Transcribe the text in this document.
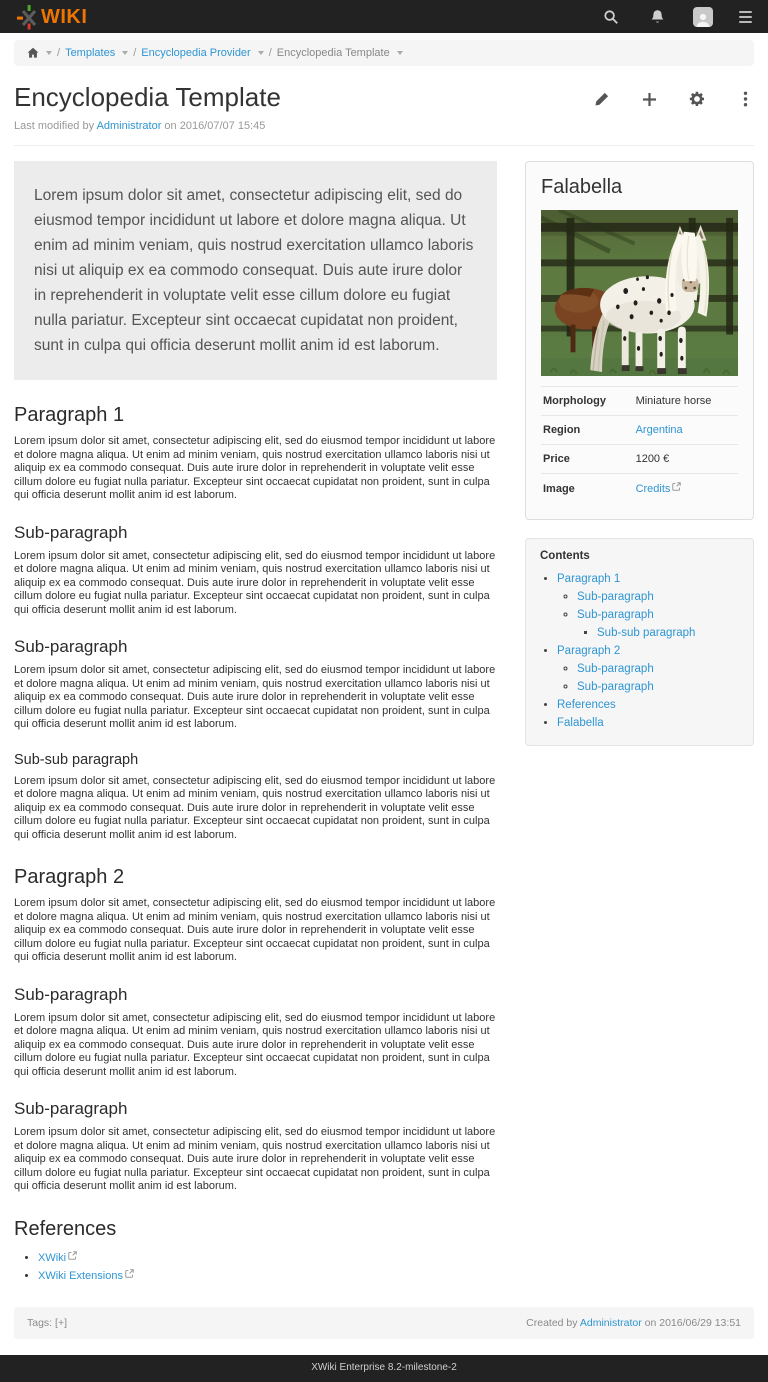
WIKI
/ Templates / Encyclopedia Provider / Encyclopedia Template
Encyclopedia Template
Last modified by Administrator on 2016/07/07 15:45
Lorem ipsum dolor sit amet, consectetur adipiscing elit, sed do eiusmod tempor incididunt ut labore et dolore magna aliqua. Ut enim ad minim veniam, quis nostrud exercitation ullamco laboris nisi ut aliquip ex ea commodo consequat. Duis aute irure dolor in reprehenderit in voluptate velit esse cillum dolore eu fugiat nulla pariatur. Excepteur sint occaecat cupidatat non proident, sunt in culpa qui officia deserunt mollit anim id est laborum.
Paragraph 1

Lorem ipsum dolor sit amet, consectetur adipiscing elit, sed do eiusmod tempor incididunt ut labore et dolore magna aliqua. Ut enim ad minim veniam, quis nostrud exercitation ullamco laboris nisi ut aliquip ex ea commodo consequat. Duis aute irure dolor in reprehenderit in voluptate velit esse cillum dolore eu fugiat nulla pariatur. Excepteur sint occaecat cupidatat non proident, sunt in culpa qui officia deserunt mollit anim id est laborum.

Sub-paragraph

Lorem ipsum dolor sit amet, consectetur adipiscing elit, sed do eiusmod tempor incididunt ut labore et dolore magna aliqua. Ut enim ad minim veniam, quis nostrud exercitation ullamco laboris nisi ut aliquip ex ea commodo consequat. Duis aute irure dolor in reprehenderit in voluptate velit esse cillum dolore eu fugiat nulla pariatur. Excepteur sint occaecat cupidatat non proident, sunt in culpa qui officia deserunt mollit anim id est laborum.

Sub-paragraph

Lorem ipsum dolor sit amet, consectetur adipiscing elit, sed do eiusmod tempor incididunt ut labore et dolore magna aliqua. Ut enim ad minim veniam, quis nostrud exercitation ullamco laboris nisi ut aliquip ex ea commodo consequat. Duis aute irure dolor in reprehenderit in voluptate velit esse cillum dolore eu fugiat nulla pariatur. Excepteur sint occaecat cupidatat non proident, sunt in culpa qui officia deserunt mollit anim id est laborum.

Sub-sub paragraph

Lorem ipsum dolor sit amet, consectetur adipiscing elit, sed do eiusmod tempor incididunt ut labore et dolore magna aliqua. Ut enim ad minim veniam, quis nostrud exercitation ullamco laboris nisi ut aliquip ex ea commodo consequat. Duis aute irure dolor in reprehenderit in voluptate velit esse cillum dolore eu fugiat nulla pariatur. Excepteur sint occaecat cupidatat non proident, sunt in culpa qui officia deserunt mollit anim id est laborum.

Paragraph 2

Lorem ipsum dolor sit amet, consectetur adipiscing elit, sed do eiusmod tempor incididunt ut labore et dolore magna aliqua. Ut enim ad minim veniam, quis nostrud exercitation ullamco laboris nisi ut aliquip ex ea commodo consequat. Duis aute irure dolor in reprehenderit in voluptate velit esse cillum dolore eu fugiat nulla pariatur. Excepteur sint occaecat cupidatat non proident, sunt in culpa qui officia deserunt mollit anim id est laborum.

Sub-paragraph

Lorem ipsum dolor sit amet, consectetur adipiscing elit, sed do eiusmod tempor incididunt ut labore et dolore magna aliqua. Ut enim ad minim veniam, quis nostrud exercitation ullamco laboris nisi ut aliquip ex ea commodo consequat. Duis aute irure dolor in reprehenderit in voluptate velit esse cillum dolore eu fugiat nulla pariatur. Excepteur sint occaecat cupidatat non proident, sunt in culpa qui officia deserunt mollit anim id est laborum.

Sub-paragraph

Lorem ipsum dolor sit amet, consectetur adipiscing elit, sed do eiusmod tempor incididunt ut labore et dolore magna aliqua. Ut enim ad minim veniam, quis nostrud exercitation ullamco laboris nisi ut aliquip ex ea commodo consequat. Duis aute irure dolor in reprehenderit in voluptate velit esse cillum dolore eu fugiat nulla pariatur. Excepteur sint occaecat cupidatat non proident, sunt in culpa qui officia deserunt mollit anim id est laborum.

References
• XWiki
• XWiki Extensions
Falabella
Morphology	Miniature horse
Region	Argentina
Price	1200 €
Image	Credits
Contents
• Paragraph 1
◦ Sub-paragraph
◦ Sub-paragraph
▪ Sub-sub paragraph
• Paragraph 2
◦ Sub-paragraph
◦ Sub-paragraph
• References
• Falabella
Tags: [+]	Created by Administrator on 2016/06/29 13:51
XWiki Enterprise 8.2-milestone-2
